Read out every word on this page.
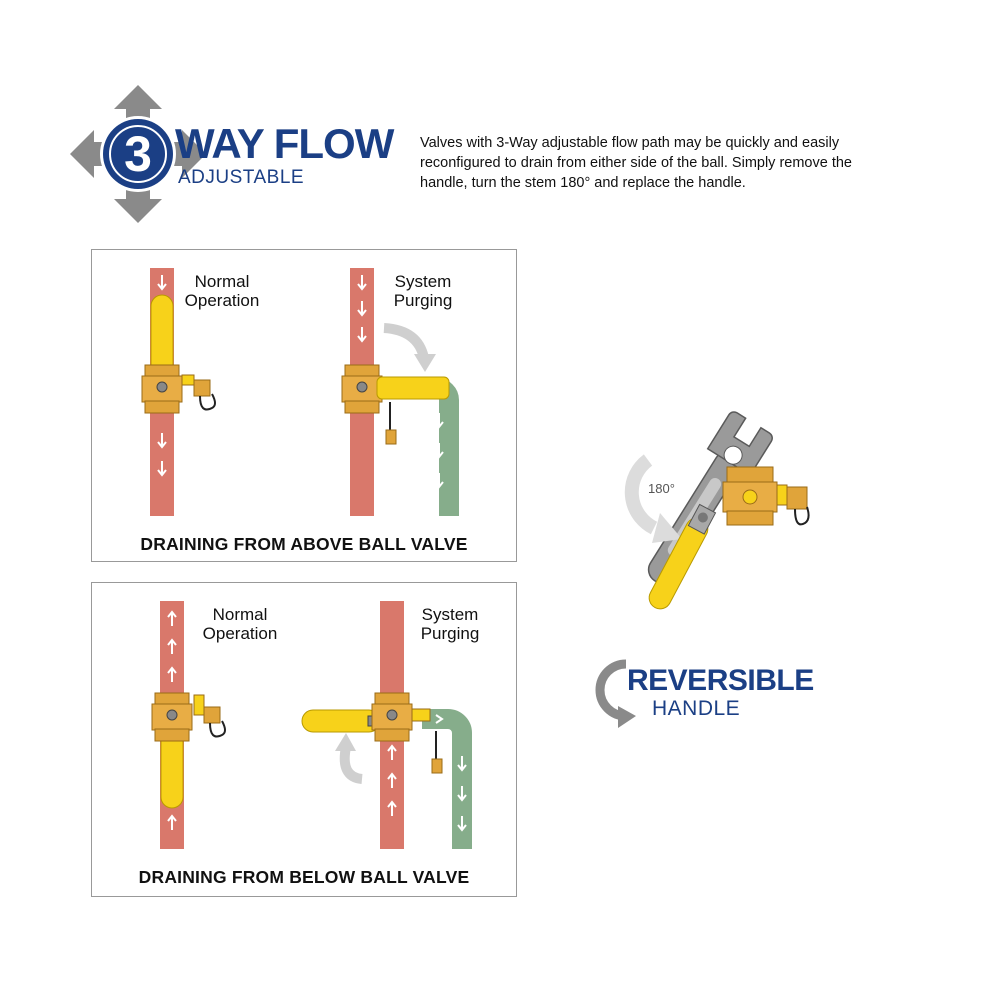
3 WAY FLOW
ADJUSTABLE
Valves with 3-Way adjustable flow path may be quickly and easily reconfigured to drain from either side of the ball. Simply remove the handle, turn the stem 180° and replace the handle.
Normal Operation
System Purging
DRAINING FROM ABOVE BALL VALVE
Normal Operation
System Purging
DRAINING FROM BELOW BALL VALVE
180°
REVERSIBLE
HANDLE
